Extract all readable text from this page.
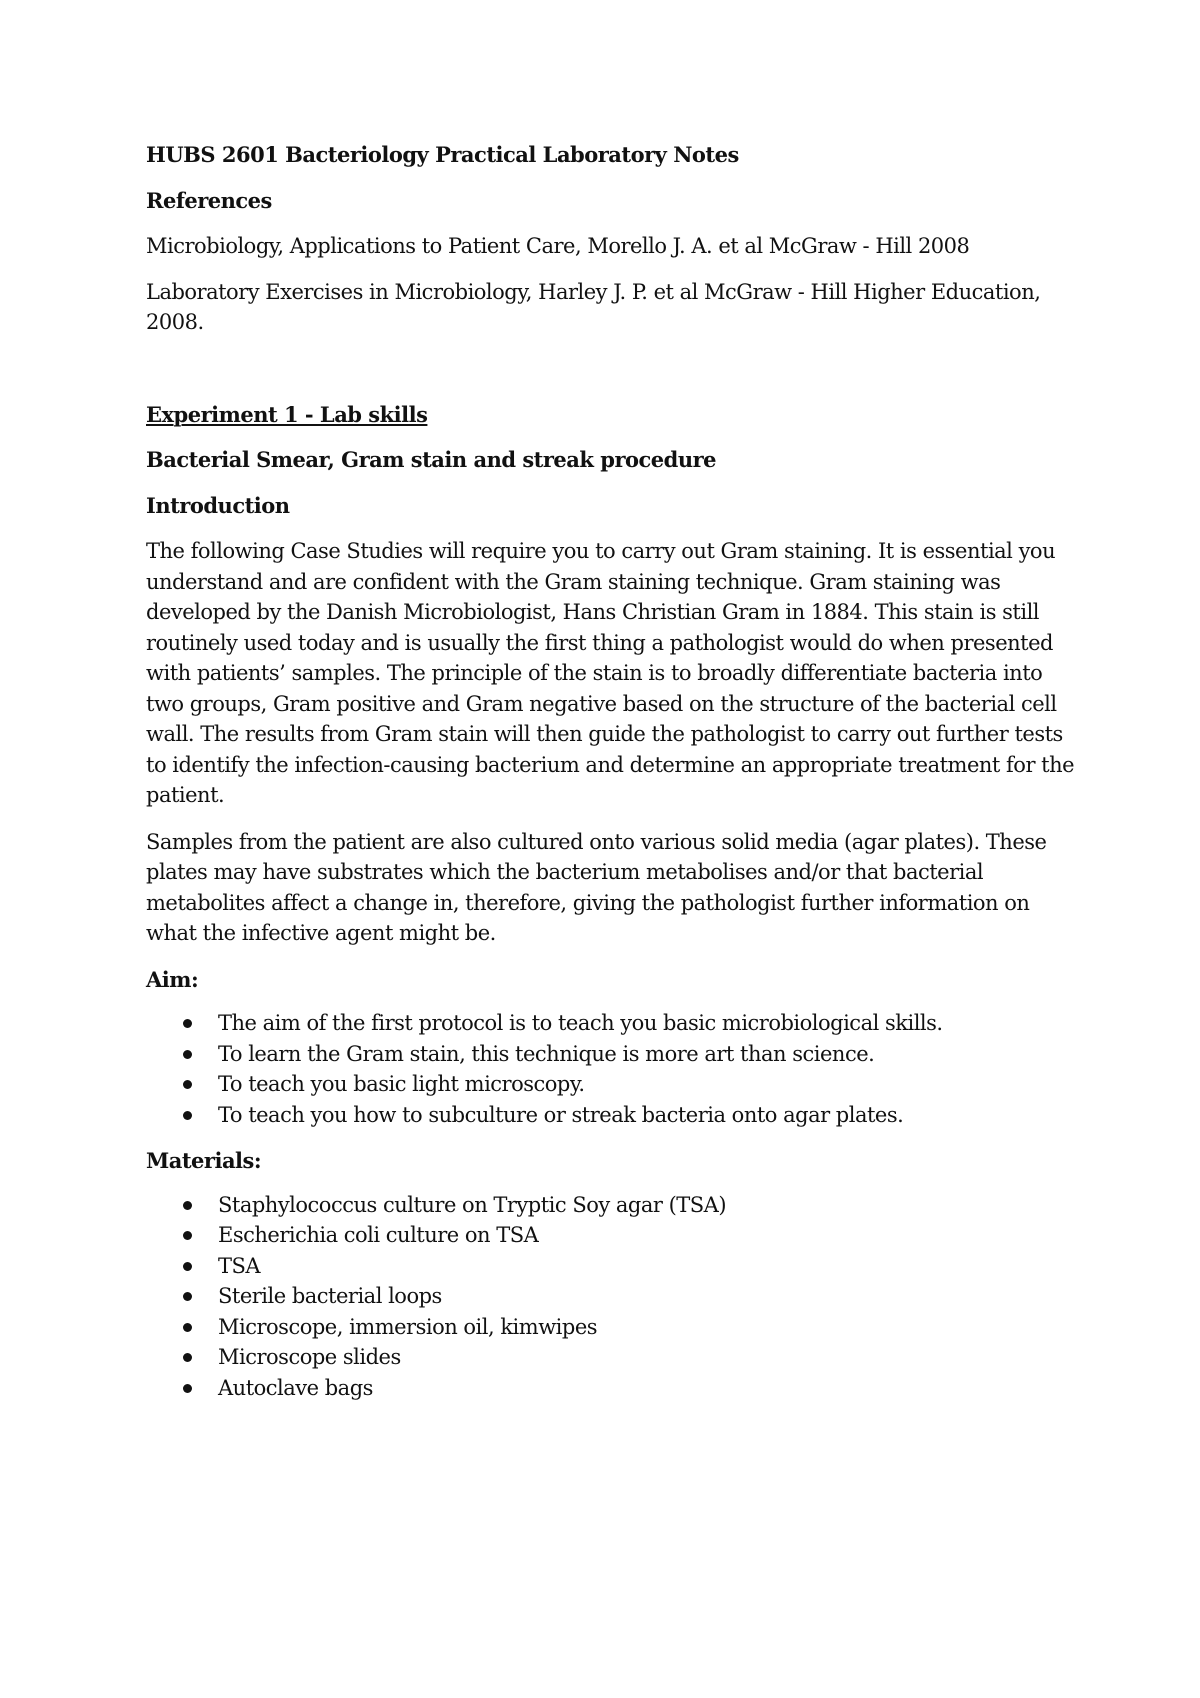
HUBS 2601 Bacteriology Practical Laboratory Notes

References

Microbiology, Applications to Patient Care, Morello J. A. et al McGraw - Hill 2008

Laboratory Exercises in Microbiology, Harley J. P. et al McGraw - Hill Higher Education, 2008.

Experiment 1 - Lab skills

Bacterial Smear, Gram stain and streak procedure

Introduction

The following Case Studies will require you to carry out Gram staining. It is essential you understand and are confident with the Gram staining technique. Gram staining was developed by the Danish Microbiologist, Hans Christian Gram in 1884. This stain is still routinely used today and is usually the first thing a pathologist would do when presented with patients’ samples. The principle of the stain is to broadly differentiate bacteria into two groups, Gram positive and Gram negative based on the structure of the bacterial cell wall. The results from Gram stain will then guide the pathologist to carry out further tests to identify the infection-causing bacterium and determine an appropriate treatment for the patient.

Samples from the patient are also cultured onto various solid media (agar plates). These plates may have substrates which the bacterium metabolises and/or that bacterial metabolites affect a change in, therefore, giving the pathologist further information on what the infective agent might be.

Aim:

The aim of the first protocol is to teach you basic microbiological skills.
To learn the Gram stain, this technique is more art than science.
To teach you basic light microscopy.
To teach you how to subculture or streak bacteria onto agar plates.

Materials:

Staphylococcus culture on Tryptic Soy agar (TSA)
Escherichia coli culture on TSA
TSA
Sterile bacterial loops
Microscope, immersion oil, kimwipes
Microscope slides
Autoclave bags
